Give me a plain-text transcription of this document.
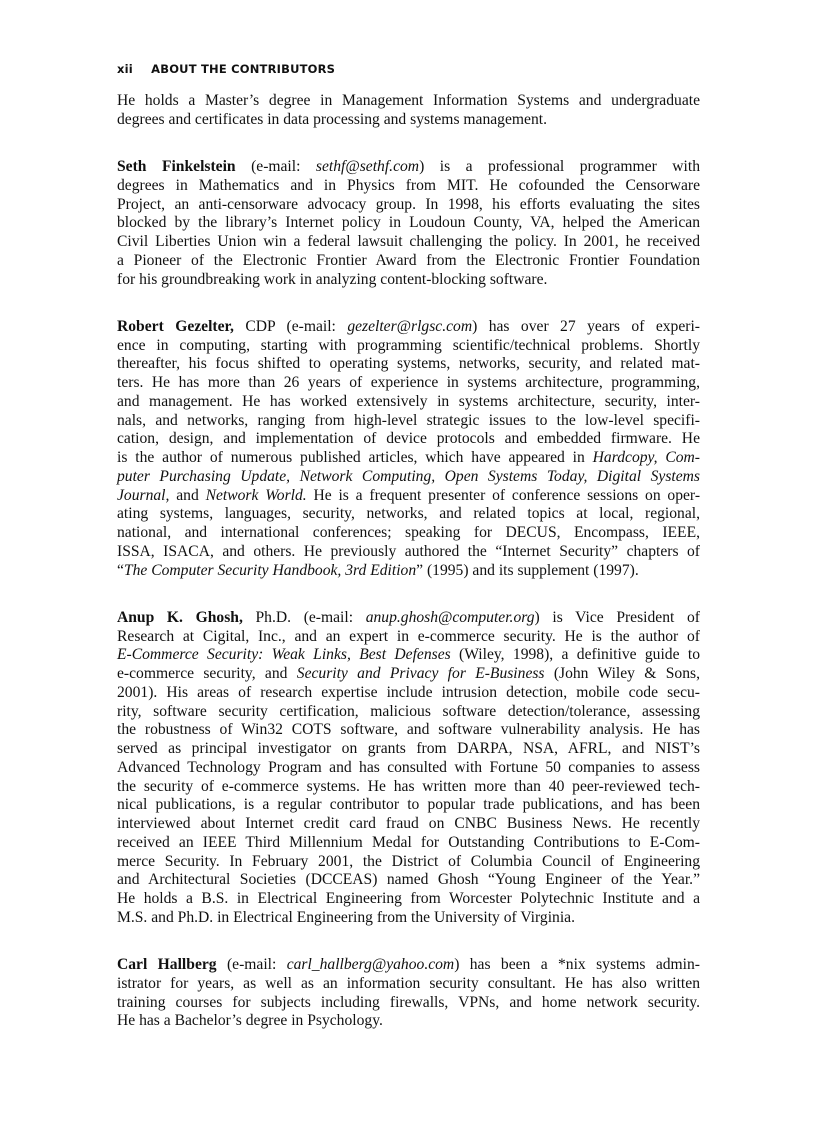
xii ABOUT THE CONTRIBUTORS
He holds a Master’s degree in Management Information Systems and undergraduate
degrees and certificates in data processing and systems management.
Seth Finkelstein (e-mail: sethf@sethf.com) is a professional programmer with
degrees in Mathematics and in Physics from MIT. He cofounded the Censorware
Project, an anti-censorware advocacy group. In 1998, his efforts evaluating the sites
blocked by the library’s Internet policy in Loudoun County, VA, helped the American
Civil Liberties Union win a federal lawsuit challenging the policy. In 2001, he received
a Pioneer of the Electronic Frontier Award from the Electronic Frontier Foundation
for his groundbreaking work in analyzing content-blocking software.
Robert Gezelter, CDP (e-mail: gezelter@rlgsc.com) has over 27 years of experi-
ence in computing, starting with programming scientific/technical problems. Shortly
thereafter, his focus shifted to operating systems, networks, security, and related mat-
ters. He has more than 26 years of experience in systems architecture, programming,
and management. He has worked extensively in systems architecture, security, inter-
nals, and networks, ranging from high-level strategic issues to the low-level specifi-
cation, design, and implementation of device protocols and embedded firmware. He
is the author of numerous published articles, which have appeared in Hardcopy, Com-
puter Purchasing Update, Network Computing, Open Systems Today, Digital Systems
Journal, and Network World. He is a frequent presenter of conference sessions on oper-
ating systems, languages, security, networks, and related topics at local, regional,
national, and international conferences; speaking for DECUS, Encompass, IEEE,
ISSA, ISACA, and others. He previously authored the “Internet Security” chapters of
“The Computer Security Handbook, 3rd Edition” (1995) and its supplement (1997).
Anup K. Ghosh, Ph.D. (e-mail: anup.ghosh@computer.org) is Vice President of
Research at Cigital, Inc., and an expert in e-commerce security. He is the author of
E-Commerce Security: Weak Links, Best Defenses (Wiley, 1998), a definitive guide to
e-commerce security, and Security and Privacy for E-Business (John Wiley & Sons,
2001). His areas of research expertise include intrusion detection, mobile code secu-
rity, software security certification, malicious software detection/tolerance, assessing
the robustness of Win32 COTS software, and software vulnerability analysis. He has
served as principal investigator on grants from DARPA, NSA, AFRL, and NIST’s
Advanced Technology Program and has consulted with Fortune 50 companies to assess
the security of e-commerce systems. He has written more than 40 peer-reviewed tech-
nical publications, is a regular contributor to popular trade publications, and has been
interviewed about Internet credit card fraud on CNBC Business News. He recently
received an IEEE Third Millennium Medal for Outstanding Contributions to E-Com-
merce Security. In February 2001, the District of Columbia Council of Engineering
and Architectural Societies (DCCEAS) named Ghosh “Young Engineer of the Year.”
He holds a B.S. in Electrical Engineering from Worcester Polytechnic Institute and a
M.S. and Ph.D. in Electrical Engineering from the University of Virginia.
Carl Hallberg (e-mail: carl_hallberg@yahoo.com) has been a *nix systems admin-
istrator for years, as well as an information security consultant. He has also written
training courses for subjects including firewalls, VPNs, and home network security.
He has a Bachelor’s degree in Psychology.
